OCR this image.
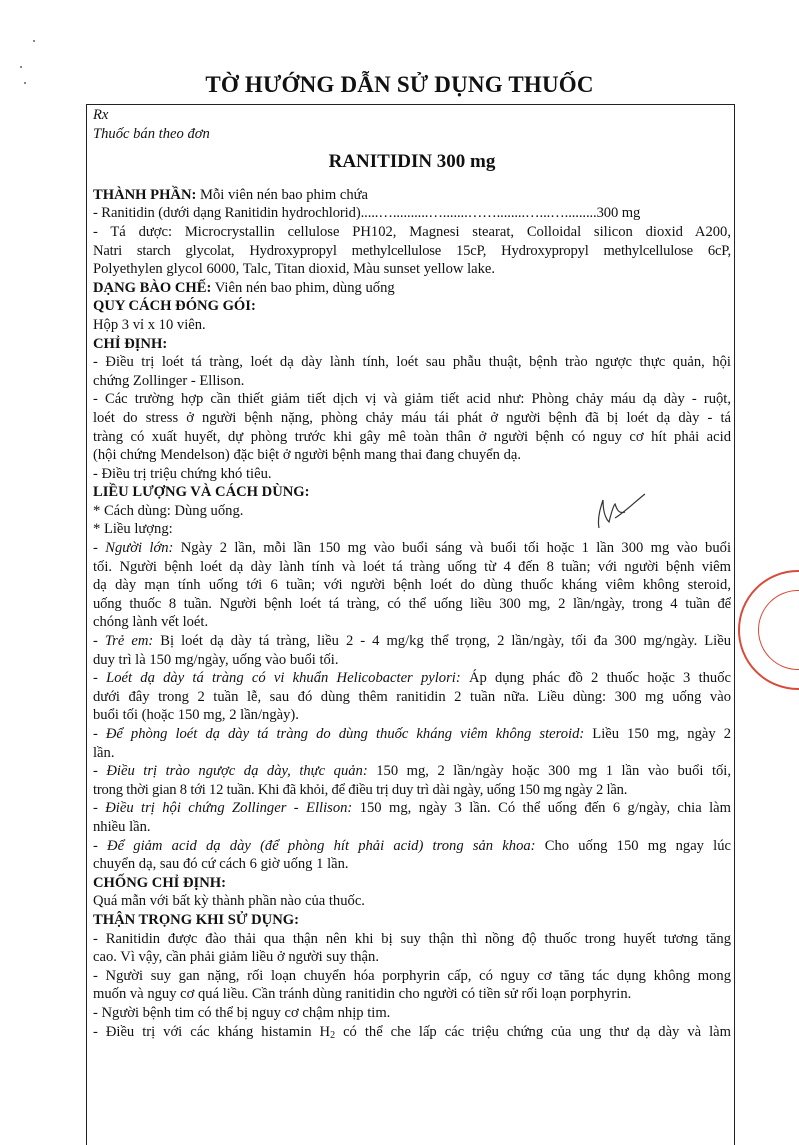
TỜ HƯỚNG DẪN SỬ DỤNG THUỐC
Rx
Thuốc bán theo đơn
RANITIDIN 300 mg
THÀNH PHẦN: Mỗi viên nén bao phim chứa
- Ranitidin (dưới dạng Ranitidin hydrochlorid).....…..........….......……........…...….........300 mg
- Tá dược: Microcrystallin cellulose PH102, Magnesi stearat, Colloidal silicon dioxid A200,
Natri starch glycolat, Hydroxypropyl methylcellulose 15cP, Hydroxypropyl methylcellulose 6cP,
Polyethylen glycol 6000, Talc, Titan dioxid, Màu sunset yellow lake.
DẠNG BÀO CHẾ: Viên nén bao phim, dùng uống
QUY CÁCH ĐÓNG GÓI:
Hộp 3 vỉ x 10 viên.
CHỈ ĐỊNH:
- Điều trị loét tá tràng, loét dạ dày lành tính, loét sau phẫu thuật, bệnh trào ngược thực quản, hội
chứng Zollinger - Ellison.
- Các trường hợp cần thiết giảm tiết dịch vị và giảm tiết acid như: Phòng chảy máu dạ dày - ruột,
loét do stress ở người bệnh nặng, phòng chảy máu tái phát ở người bệnh đã bị loét dạ dày - tá
tràng có xuất huyết, dự phòng trước khi gây mê toàn thân ở người bệnh có nguy cơ hít phải acid
(hội chứng Mendelson) đặc biệt ở người bệnh mang thai đang chuyển dạ.
- Điều trị triệu chứng khó tiêu.
LIỀU LƯỢNG VÀ CÁCH DÙNG:
* Cách dùng: Dùng uống.
* Liều lượng:
- Người lớn: Ngày 2 lần, mỗi lần 150 mg vào buổi sáng và buổi tối hoặc 1 lần 300 mg vào buổi
tối. Người bệnh loét dạ dày lành tính và loét tá tràng uống từ 4 đến 8 tuần; với người bệnh viêm
dạ dày mạn tính uống tới 6 tuần; với người bệnh loét do dùng thuốc kháng viêm không steroid,
uống thuốc 8 tuần. Người bệnh loét tá tràng, có thể uống liều 300 mg, 2 lần/ngày, trong 4 tuần để
chóng lành vết loét.
- Trẻ em: Bị loét dạ dày tá tràng, liều 2 - 4 mg/kg thể trọng, 2 lần/ngày, tối đa 300 mg/ngày. Liều
duy trì là 150 mg/ngày, uống vào buổi tối.
- Loét dạ dày tá tràng có vi khuẩn Helicobacter pylori: Áp dụng phác đồ 2 thuốc hoặc 3 thuốc
dưới đây trong 2 tuần lễ, sau đó dùng thêm ranitidin 2 tuần nữa. Liều dùng: 300 mg uống vào
buổi tối (hoặc 150 mg, 2 lần/ngày).
- Để phòng loét dạ dày tá tràng do dùng thuốc kháng viêm không steroid: Liều 150 mg, ngày 2
lần.
- Điều trị trào ngược dạ dày, thực quản: 150 mg, 2 lần/ngày hoặc 300 mg 1 lần vào buổi tối,
trong thời gian 8 tới 12 tuần. Khi đã khỏi, để điều trị duy trì dài ngày, uống 150 mg ngày 2 lần.
- Điều trị hội chứng Zollinger - Ellison: 150 mg, ngày 3 lần. Có thể uống đến 6 g/ngày, chia làm
nhiều lần.
- Để giảm acid dạ dày (để phòng hít phải acid) trong sản khoa: Cho uống 150 mg ngay lúc
chuyển dạ, sau đó cứ cách 6 giờ uống 1 lần.
CHỐNG CHỈ ĐỊNH:
Quá mẫn với bất kỳ thành phần nào của thuốc.
THẬN TRỌNG KHI SỬ DỤNG:
- Ranitidin được đào thải qua thận nên khi bị suy thận thì nồng độ thuốc trong huyết tương tăng
cao. Vì vậy, cần phải giảm liều ở người suy thận.
- Người suy gan nặng, rối loạn chuyển hóa porphyrin cấp, có nguy cơ tăng tác dụng không mong
muốn và nguy cơ quá liều. Cần tránh dùng ranitidin cho người có tiền sử rối loạn porphyrin.
- Người bệnh tim có thể bị nguy cơ chậm nhịp tim.
- Điều trị với các kháng histamin $H_2$ có thể che lấp các triệu chứng của ung thư dạ dày và làm
